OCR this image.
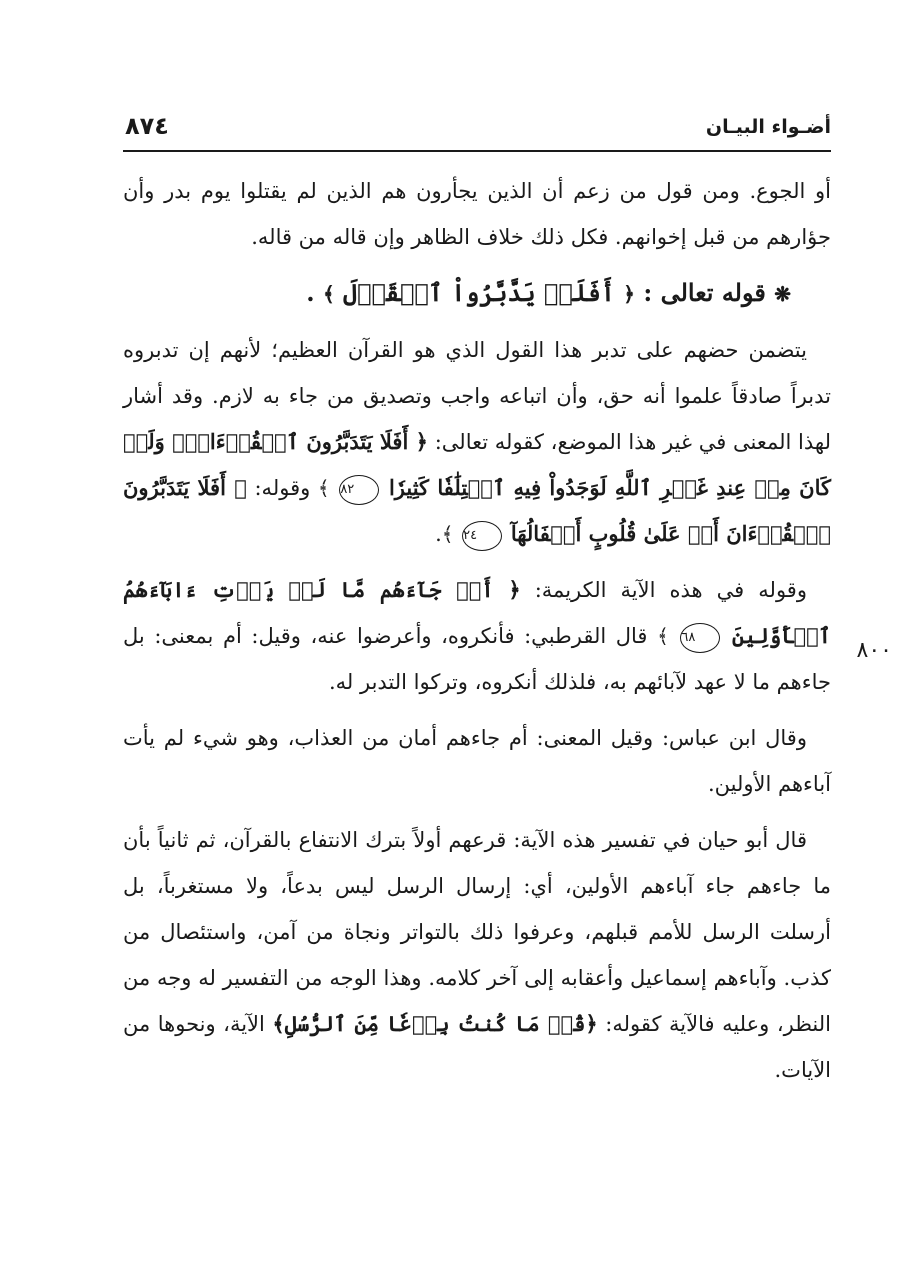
أضـواء البيـان
٨٧٤
٨٠٠

أو الجوع. ومن قول من زعم أن الذين يجأرون هم الذين لم يقتلوا يوم بدر وأن جؤارهم من قبل إخوانهم. فكل ذلك خلاف الظاهر وإن قاله من قاله.

❋ قوله تعالى : ﴿ أَفَلَمۡ يَدَّبَّرُواْ ٱلۡقَوۡلَ ﴾ .

يتضمن حضهم على تدبر هذا القول الذي هو القرآن العظيم؛ لأنهم إن تدبروه تدبراً صادقاً علموا أنه حق، وأن اتباعه واجب وتصديق من جاء به لازم. وقد أشار لهذا المعنى في غير هذا الموضع، كقوله تعالى: ﴿ أَفَلَا يَتَدَبَّرُونَ ٱلۡقُرۡءَانَۚ وَلَوۡ كَانَ مِنۡ عِندِ غَيۡرِ ٱللَّهِ لَوَجَدُواْ فِيهِ ٱخۡتِلَٰفٗا كَثِيرٗا ٨٢ ﴾ وقوله: ﴿ أَفَلَا يَتَدَبَّرُونَ ٱلۡقُرۡءَانَ أَمۡ عَلَىٰ قُلُوبٍ أَقۡفَالُهَآ ٢٤ ﴾.

وقوله في هذه الآية الكريمة: ﴿ أَمۡ جَآءَهُم مَّا لَمۡ يَأۡتِ ءَابَآءَهُمُ ٱلۡأَوَّلِينَ ٦٨ ﴾ قال القرطبي: فأنكروه، وأعرضوا عنه، وقيل: أم بمعنى: بل جاءهم ما لا عهد لآبائهم به، فلذلك أنكروه، وتركوا التدبر له.

وقال ابن عباس: وقيل المعنى: أم جاءهم أمان من العذاب، وهو شيء لم يأت آباءهم الأولين.

قال أبو حيان في تفسير هذه الآية: قرعهم أولاً بترك الانتفاع بالقرآن، ثم ثانياً بأن ما جاءهم جاء آباءهم الأولين، أي: إرسال الرسل ليس بدعاً، ولا مستغرباً، بل أرسلت الرسل للأمم قبلهم، وعرفوا ذلك بالتواتر ونجاة من آمن، واستئصال من كذب. وآباءهم إسماعيل وأعقابه إلى آخر كلامه. وهذا الوجه من التفسير له وجه من النظر، وعليه فالآية كقوله: ﴿قُلۡ مَا كُنتُ بِدۡعٗا مِّنَ ٱلرُّسُلِ﴾ الآية، ونحوها من الآيات.
